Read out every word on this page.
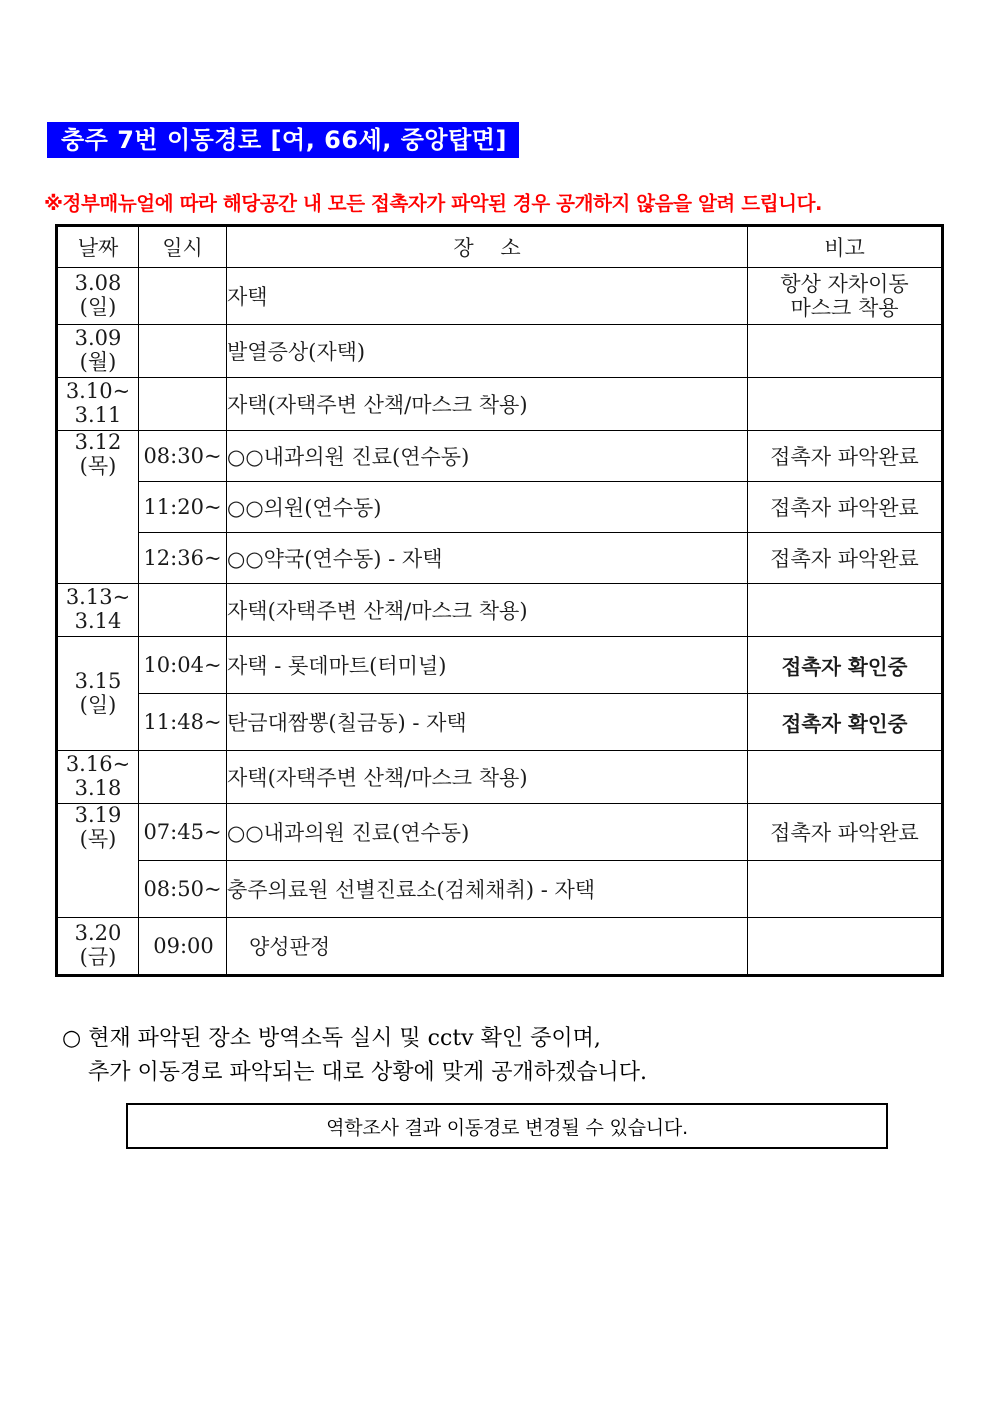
충주 7번 이동경로 [여, 66세, 중앙탑면]
※정부매뉴얼에 따라 해당공간 내 모든 접촉자가 파악된 경우 공개하지 않음을 알려 드립니다.
날짜	일시	장 소	비고
3.08
(일)		자택	항상 자차이동
마스크 착용
3.09
(월)		발열증상(자택)	
3.10~
3.11		자택(자택주변 산책/마스크 착용)	
3.12
(목)	08:30~	○○내과의원 진료(연수동)	접촉자 파악완료
	11:20~	○○의원(연수동)	접촉자 파악완료
	12:36~	○○약국(연수동) - 자택	접촉자 파악완료
3.13~
3.14		자택(자택주변 산책/마스크 착용)	
3.15
(일)	10:04~	자택 - 롯데마트(터미널)	접촉자 확인중
	11:48~	탄금대짬뽕(칠금동) - 자택	접촉자 확인중
3.16~
3.18		자택(자택주변 산책/마스크 착용)	
3.19
(목)	07:45~	○○내과의원 진료(연수동)	접촉자 파악완료
	08:50~	충주의료원 선별진료소(검체채취) - 자택	
3.20
(금)	09:00	양성판정	
○ 현재 파악된 장소 방역소독 실시 및 cctv 확인 중이며,
추가 이동경로 파악되는 대로 상황에 맞게 공개하겠습니다.
역학조사 결과 이동경로 변경될 수 있습니다.
